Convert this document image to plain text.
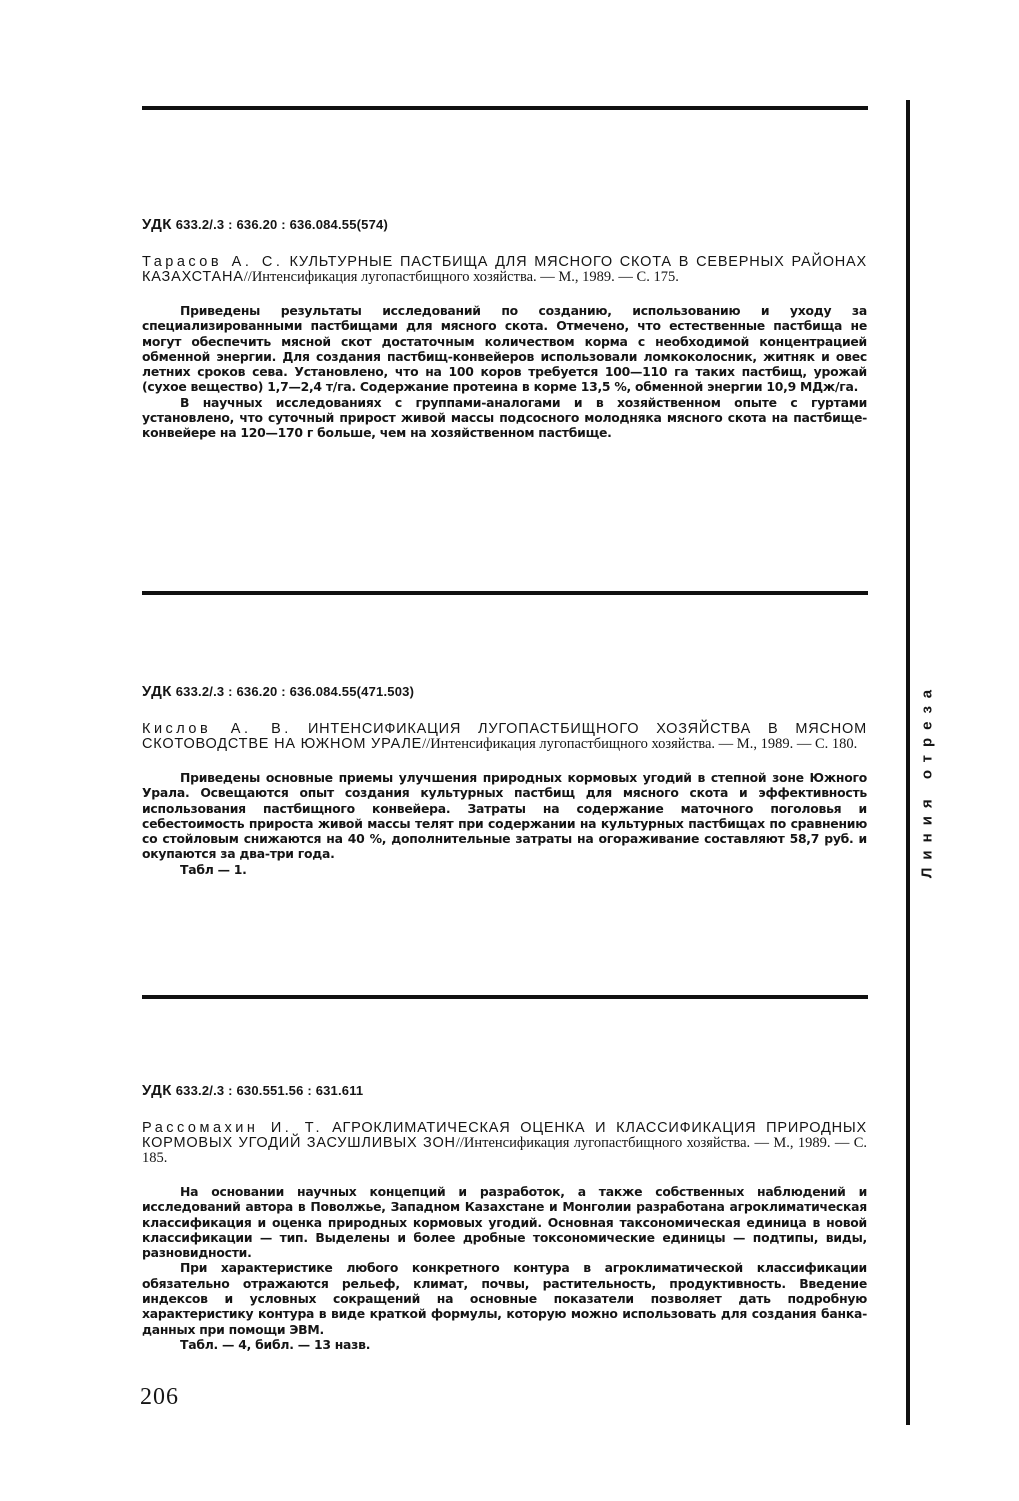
Линия отреза
УДК 633.2/.3 : 636.20 : 636.084.55(574)
Тарасов А. С. КУЛЬТУРНЫЕ ПАСТБИЩА ДЛЯ МЯСНОГО СКОТА В СЕВЕРНЫХ РАЙОНАХ КАЗАХСТАНА//Интенсификация лугопастбищного хозяйства. — М., 1989. — С. 175.

Приведены результаты исследований по созданию, использованию и уходу за специализированными пастбищами для мясного скота. Отмечено, что естественные пастбища не могут обеспечить мясной скот достаточным количеством корма с необходимой концентрацией обменной энергии. Для создания пастбищ-конвейеров использовали ломкоколосник, житняк и овес летних сроков сева. Установлено, что на 100 коров требуется 100—110 га таких пастбищ, урожай (сухое вещество) 1,7—2,4 т/га. Содержание протеина в корме 13,5 %, обменной энергии 10,9 МДж/га.

В научных исследованиях с группами-аналогами и в хозяйственном опыте с гуртами установлено, что суточный прирост живой массы подсосного молодняка мясного скота на пастбище-конвейере на 120—170 г больше, чем на хозяйственном пастбище.

УДК 633.2/.3 : 636.20 : 636.084.55(471.503)
Кислов А. В. ИНТЕНСИФИКАЦИЯ ЛУГОПАСТБИЩНОГО ХОЗЯЙСТВА В МЯСНОМ СКОТОВОДСТВЕ НА ЮЖНОМ УРАЛЕ//Интенсификация лугопастбищного хозяйства. — М., 1989. — С. 180.

Приведены основные приемы улучшения природных кормовых угодий в степной зоне Южного Урала. Освещаются опыт создания культурных пастбищ для мясного скота и эффективность использования пастбищного конвейера. Затраты на содержание маточного поголовья и себестоимость прироста живой массы телят при содержании на культурных пастбищах по сравнению со стойловым снижаются на 40 %, дополнительные затраты на огораживание составляют 58,7 руб. и окупаются за два-три года.

Табл — 1.

УДК 633.2/.3 : 630.551.56 : 631.611
Рассомахин И. Т. АГРОКЛИМАТИЧЕСКАЯ ОЦЕНКА И КЛАССИФИКАЦИЯ ПРИРОДНЫХ КОРМОВЫХ УГОДИЙ ЗАСУШЛИВЫХ ЗОН//Интенсификация лугопастбищного хозяйства. — М., 1989. — С. 185.

На основании научных концепций и разработок, а также собственных наблюдений и исследований автора в Поволжье, Западном Казахстане и Монголии разработана агроклиматическая классификация и оценка природных кормовых угодий. Основная таксономическая единица в новой классификации — тип. Выделены и более дробные токсономические единицы — подтипы, виды, разновидности.

При характеристике любого конкретного контура в агроклиматической классификации обязательно отражаются рельеф, климат, почвы, растительность, продуктивность. Введение индексов и условных сокращений на основные показатели позволяет дать подробную характеристику контура в виде краткой формулы, которую можно использовать для создания банка-данных при помощи ЭВМ.

Табл. — 4, библ. — 13 назв.

206
